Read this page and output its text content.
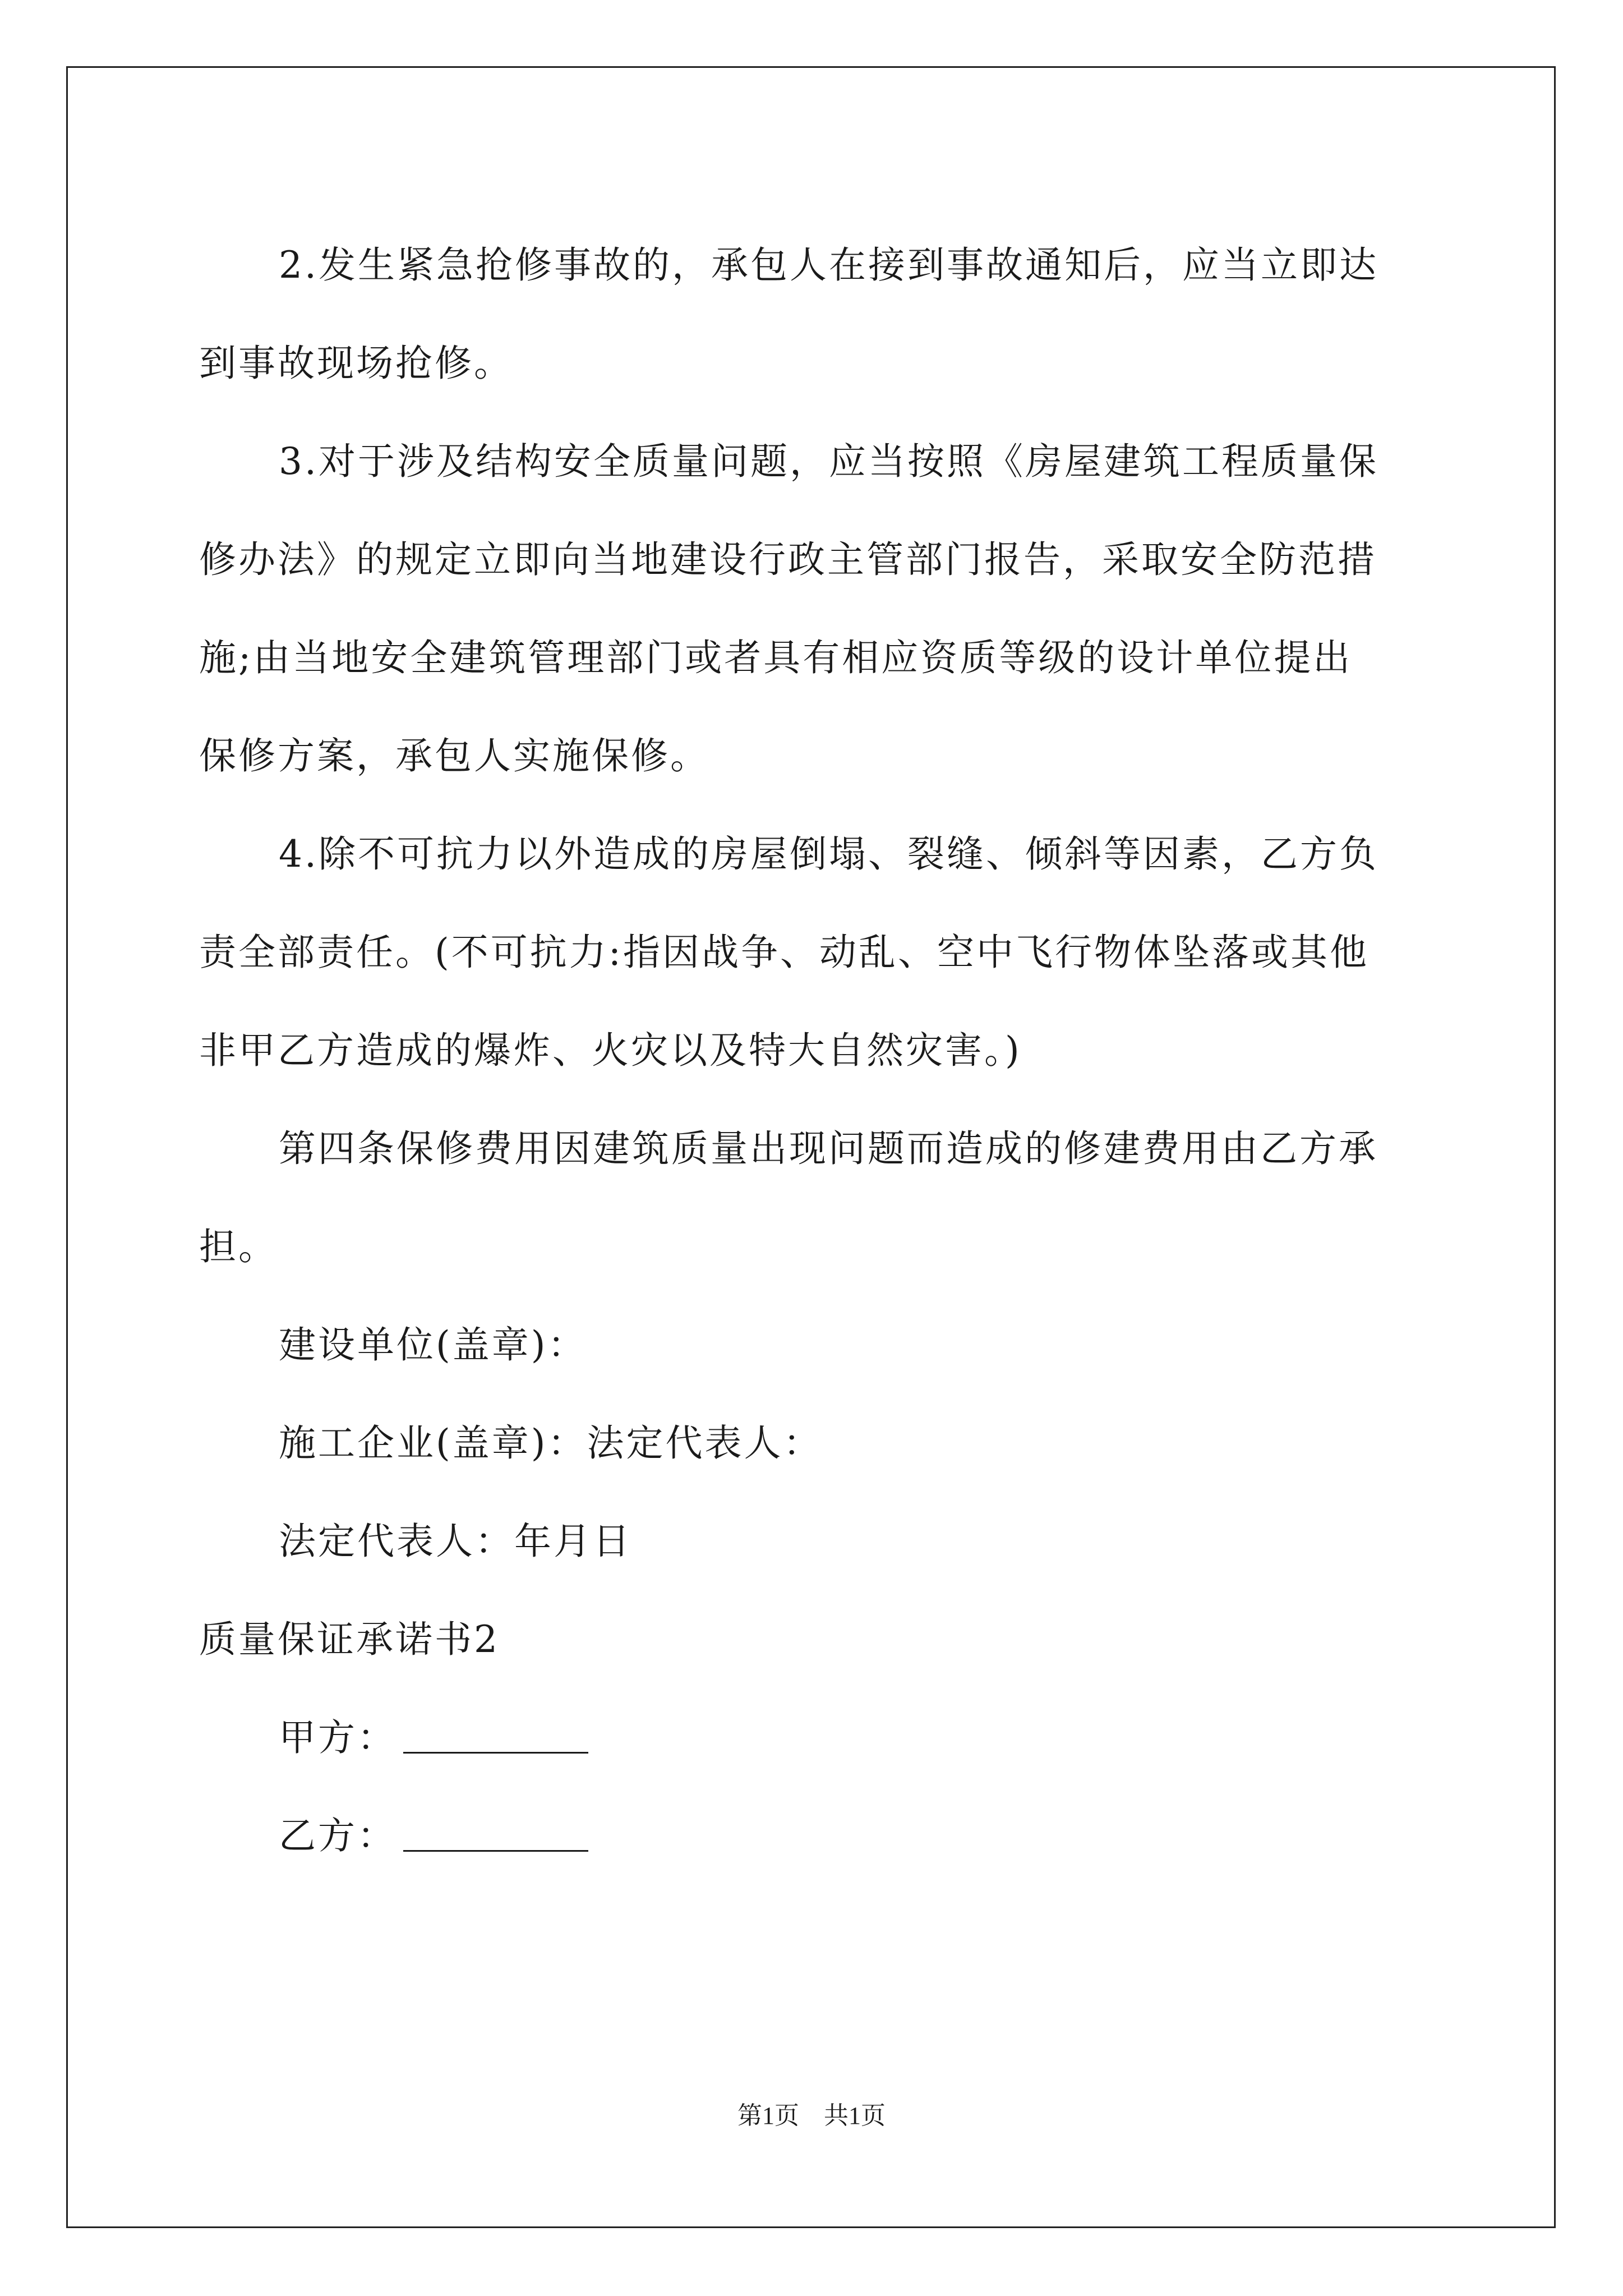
2.发生紧急抢修事故的，承包人在接到事故通知后，应当立即达
到事故现场抢修。

3.对于涉及结构安全质量问题，应当按照《房屋建筑工程质量保
修办法》的规定立即向当地建设行政主管部门报告，采取安全防范措
施;由当地安全建筑管理部门或者具有相应资质等级的设计单位提出
保修方案，承包人实施保修。

4.除不可抗力以外造成的房屋倒塌、裂缝、倾斜等因素，乙方负
责全部责任。(不可抗力:指因战争、动乱、空中飞行物体坠落或其他
非甲乙方造成的爆炸、火灾以及特大自然灾害。)

第四条保修费用因建筑质量出现问题而造成的修建费用由乙方承
担。

建设单位(盖章)：

施工企业(盖章)：法定代表人：

法定代表人：年月日

质量保证承诺书2

甲方：

乙方：

第1页　共1页
